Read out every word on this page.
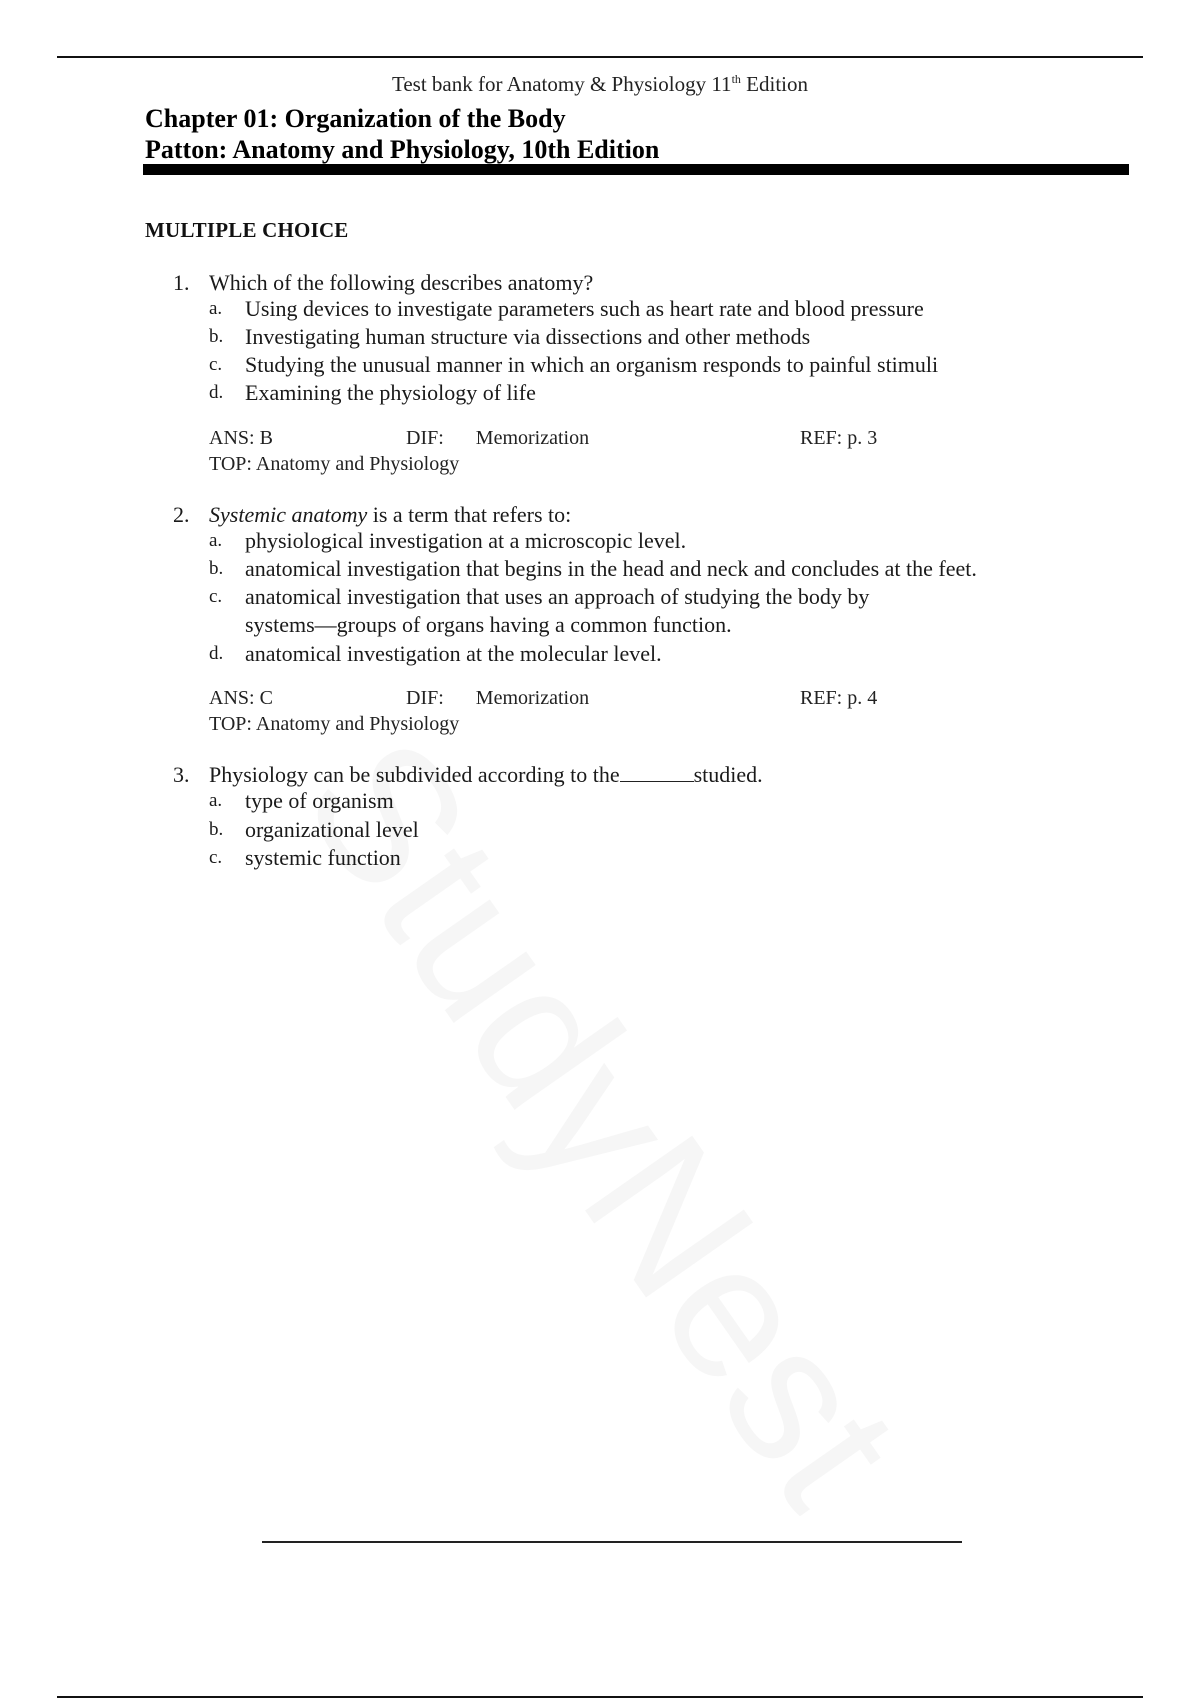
Test bank for Anatomy & Physiology 11th Edition
Chapter 01: Organization of the Body
Patton: Anatomy and Physiology, 10th Edition
MULTIPLE CHOICE
1. Which of the following describes anatomy?
a. Using devices to investigate parameters such as heart rate and blood pressure
b. Investigating human structure via dissections and other methods
c. Studying the unusual manner in which an organism responds to painful stimuli
d. Examining the physiology of life
ANS: B	DIF: Memorization	REF: p. 3
TOP: Anatomy and Physiology
2. Systemic anatomy is a term that refers to:
a. physiological investigation at a microscopic level.
b. anatomical investigation that begins in the head and neck and concludes at the feet.
c. anatomical investigation that uses an approach of studying the body by
systems—groups of organs having a common function.
d. anatomical investigation at the molecular level.
ANS: C	DIF: Memorization	REF: p. 4
TOP: Anatomy and Physiology
3. Physiology can be subdivided according to the	studied.
a. type of organism
b. organizational level
c. systemic function
